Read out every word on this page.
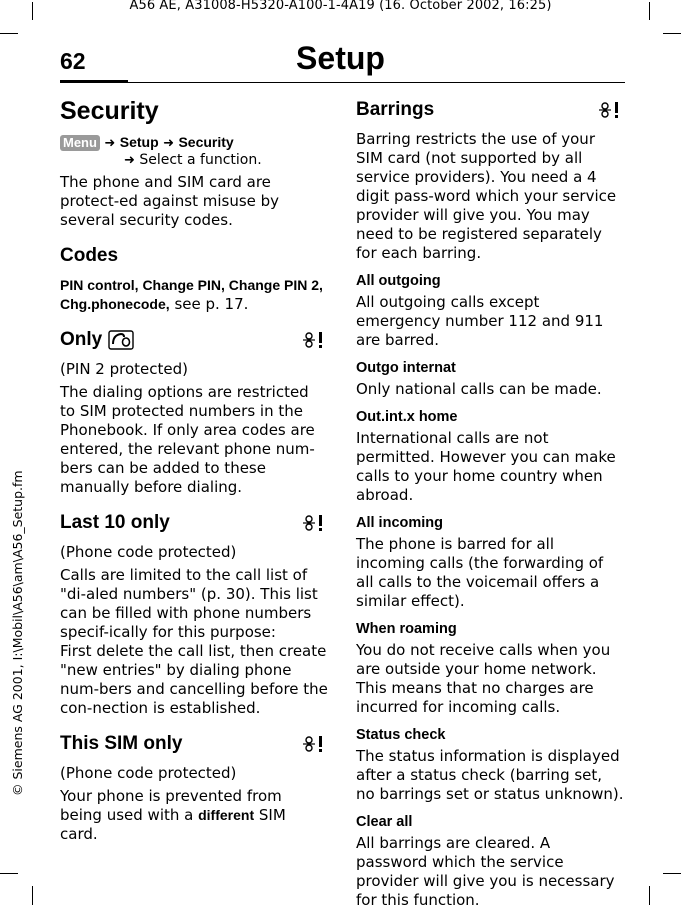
A56 AE, A31008-H5320-A100-1-4A19 (16. October 2002, 16:25)
62	Setup
© Siemens AG 2001, I:\Mobil\A56\am\A56_Setup.fm
Security
Menu ➜ Setup ➜ Security
➜ Select a function.

The phone and SIM card are protect-ed against misuse by several security codes.

Codes

PIN control, Change PIN, Change PIN 2, Chg.phonecode, see p. 17.

Only

(PIN 2 protected)

The dialing options are restricted to SIM protected numbers in the Phonebook. If only area codes are entered, the relevant phone num-bers can be added to these manually before dialing.

Last 10 only

(Phone code protected)

Calls are limited to the call list of "di-aled numbers" (p. 30). This list can be filled with phone numbers specif-ically for this purpose:

First delete the call list, then create "new entries" by dialing phone num-bers and cancelling before the con-nection is established.

This SIM only

(Phone code protected)

Your phone is prevented from being used with a different SIM card.

Barrings

Barring restricts the use of your SIM card (not supported by all service providers). You need a 4 digit pass-word which your service provider will give you. You may need to be registered separately for each barring.

All outgoing

All outgoing calls except emergency number 112 and 911 are barred.

Outgo internat

Only national calls can be made.

Out.int.x home

International calls are not permitted. However you can make calls to your home country when abroad.

All incoming

The phone is barred for all incoming calls (the forwarding of all calls to the voicemail offers a similar effect).

When roaming

You do not receive calls when you are outside your home network. This means that no charges are incurred for incoming calls.

Status check

The status information is displayed after a status check (barring set, no barrings set or status unknown).

Clear all

All barrings are cleared. A password which the service provider will give you is necessary for this function.
